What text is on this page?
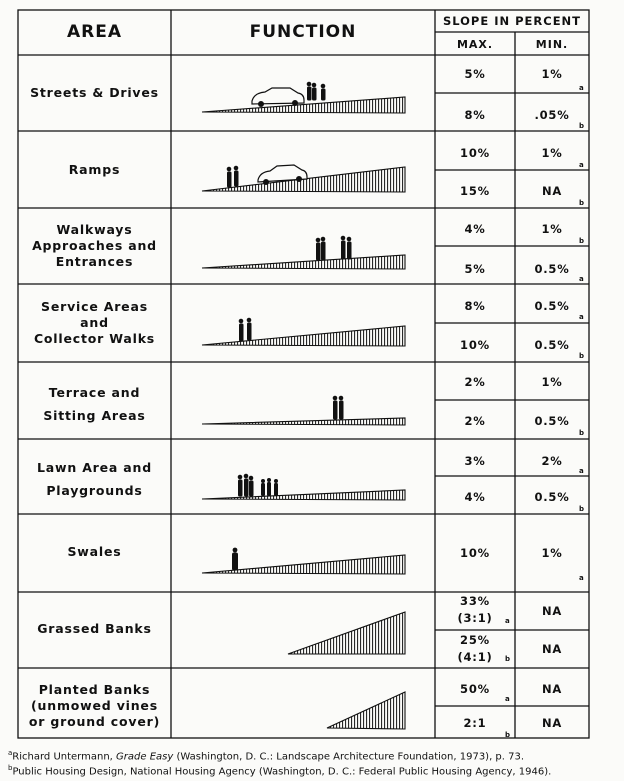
AREA	FUNCTION
SLOPE IN PERCENT
MAX.	MIN.
Streets & Drives
Ramps
Walkways
Approaches and
Entrances
Service Areas
and
Collector Walks
Terrace and
Sitting Areas
Lawn Area and
Playgrounds
Swales
Grassed Banks
Planted Banks
(unmowed vines
or ground cover)
5%
8%
10%
15%
4%
5%
8%
10%
2%
2%
3%
4%
10%
33%
(3:1)
25%
(4:1)
50%
2:1
1%
.05%
1%
NA
1%
0.5%
0.5%
0.5%
1%
0.5%
2%
0.5%
1%
NA
NA
NA
NA
a
b
a
b
b
a
a
b
b
a
b
a
a
b
a
b
$^a$Richard Untermann, Grade Easy (Washington, D. C.: Landscape Architecture Foundation, 1973), p. 73.
$^b$Public Housing Design, National Housing Agency (Washington, D. C.: Federal Public Housing Agency, 1946).
